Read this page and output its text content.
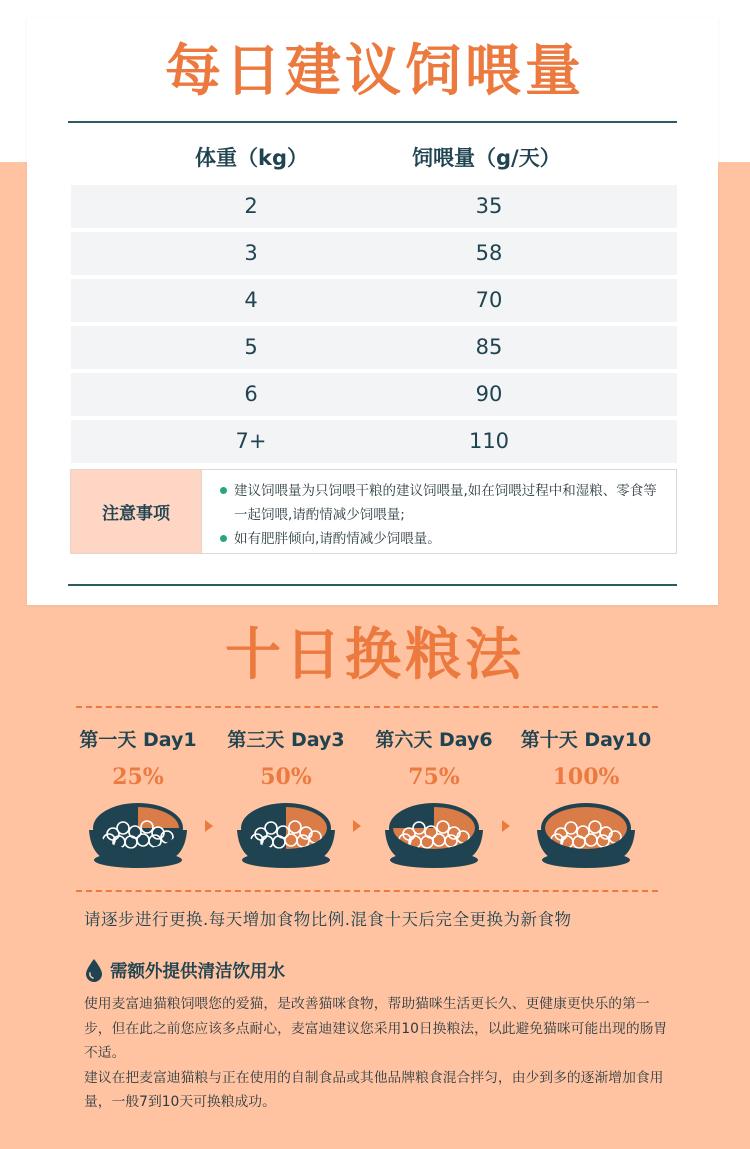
每日建议饲喂量
体重（kg）	饲喂量（g/天）
2	35
3	58
4	70
5	85
6	90
7+	110
注意事项
建议饲喂量为只饲喂干粮的建议饲喂量,如在饲喂过程中和湿粮、零食等一起饲喂,请酌情减少饲喂量;
如有肥胖倾向,请酌情减少饲喂量。
十日换粮法
第一天 Day1
25%
第三天 Day3
50%
第六天 Day6
75%
第十天 Day10
100%
请逐步进行更换.每天增加食物比例.混食十天后完全更换为新食物
需额外提供清洁饮用水
使用麦富迪猫粮饲喂您的爱猫，是改善猫咪食物，帮助猫咪生活更长久、更健康更快乐的第一步，但在此之前您应该多点耐心，麦富迪建议您采用10日换粮法，以此避免猫咪可能出现的肠胃不适。
建议在把麦富迪猫粮与正在使用的自制食品或其他品牌粮食混合拌匀，由少到多的逐渐增加食用量，一般7到10天可换粮成功。
